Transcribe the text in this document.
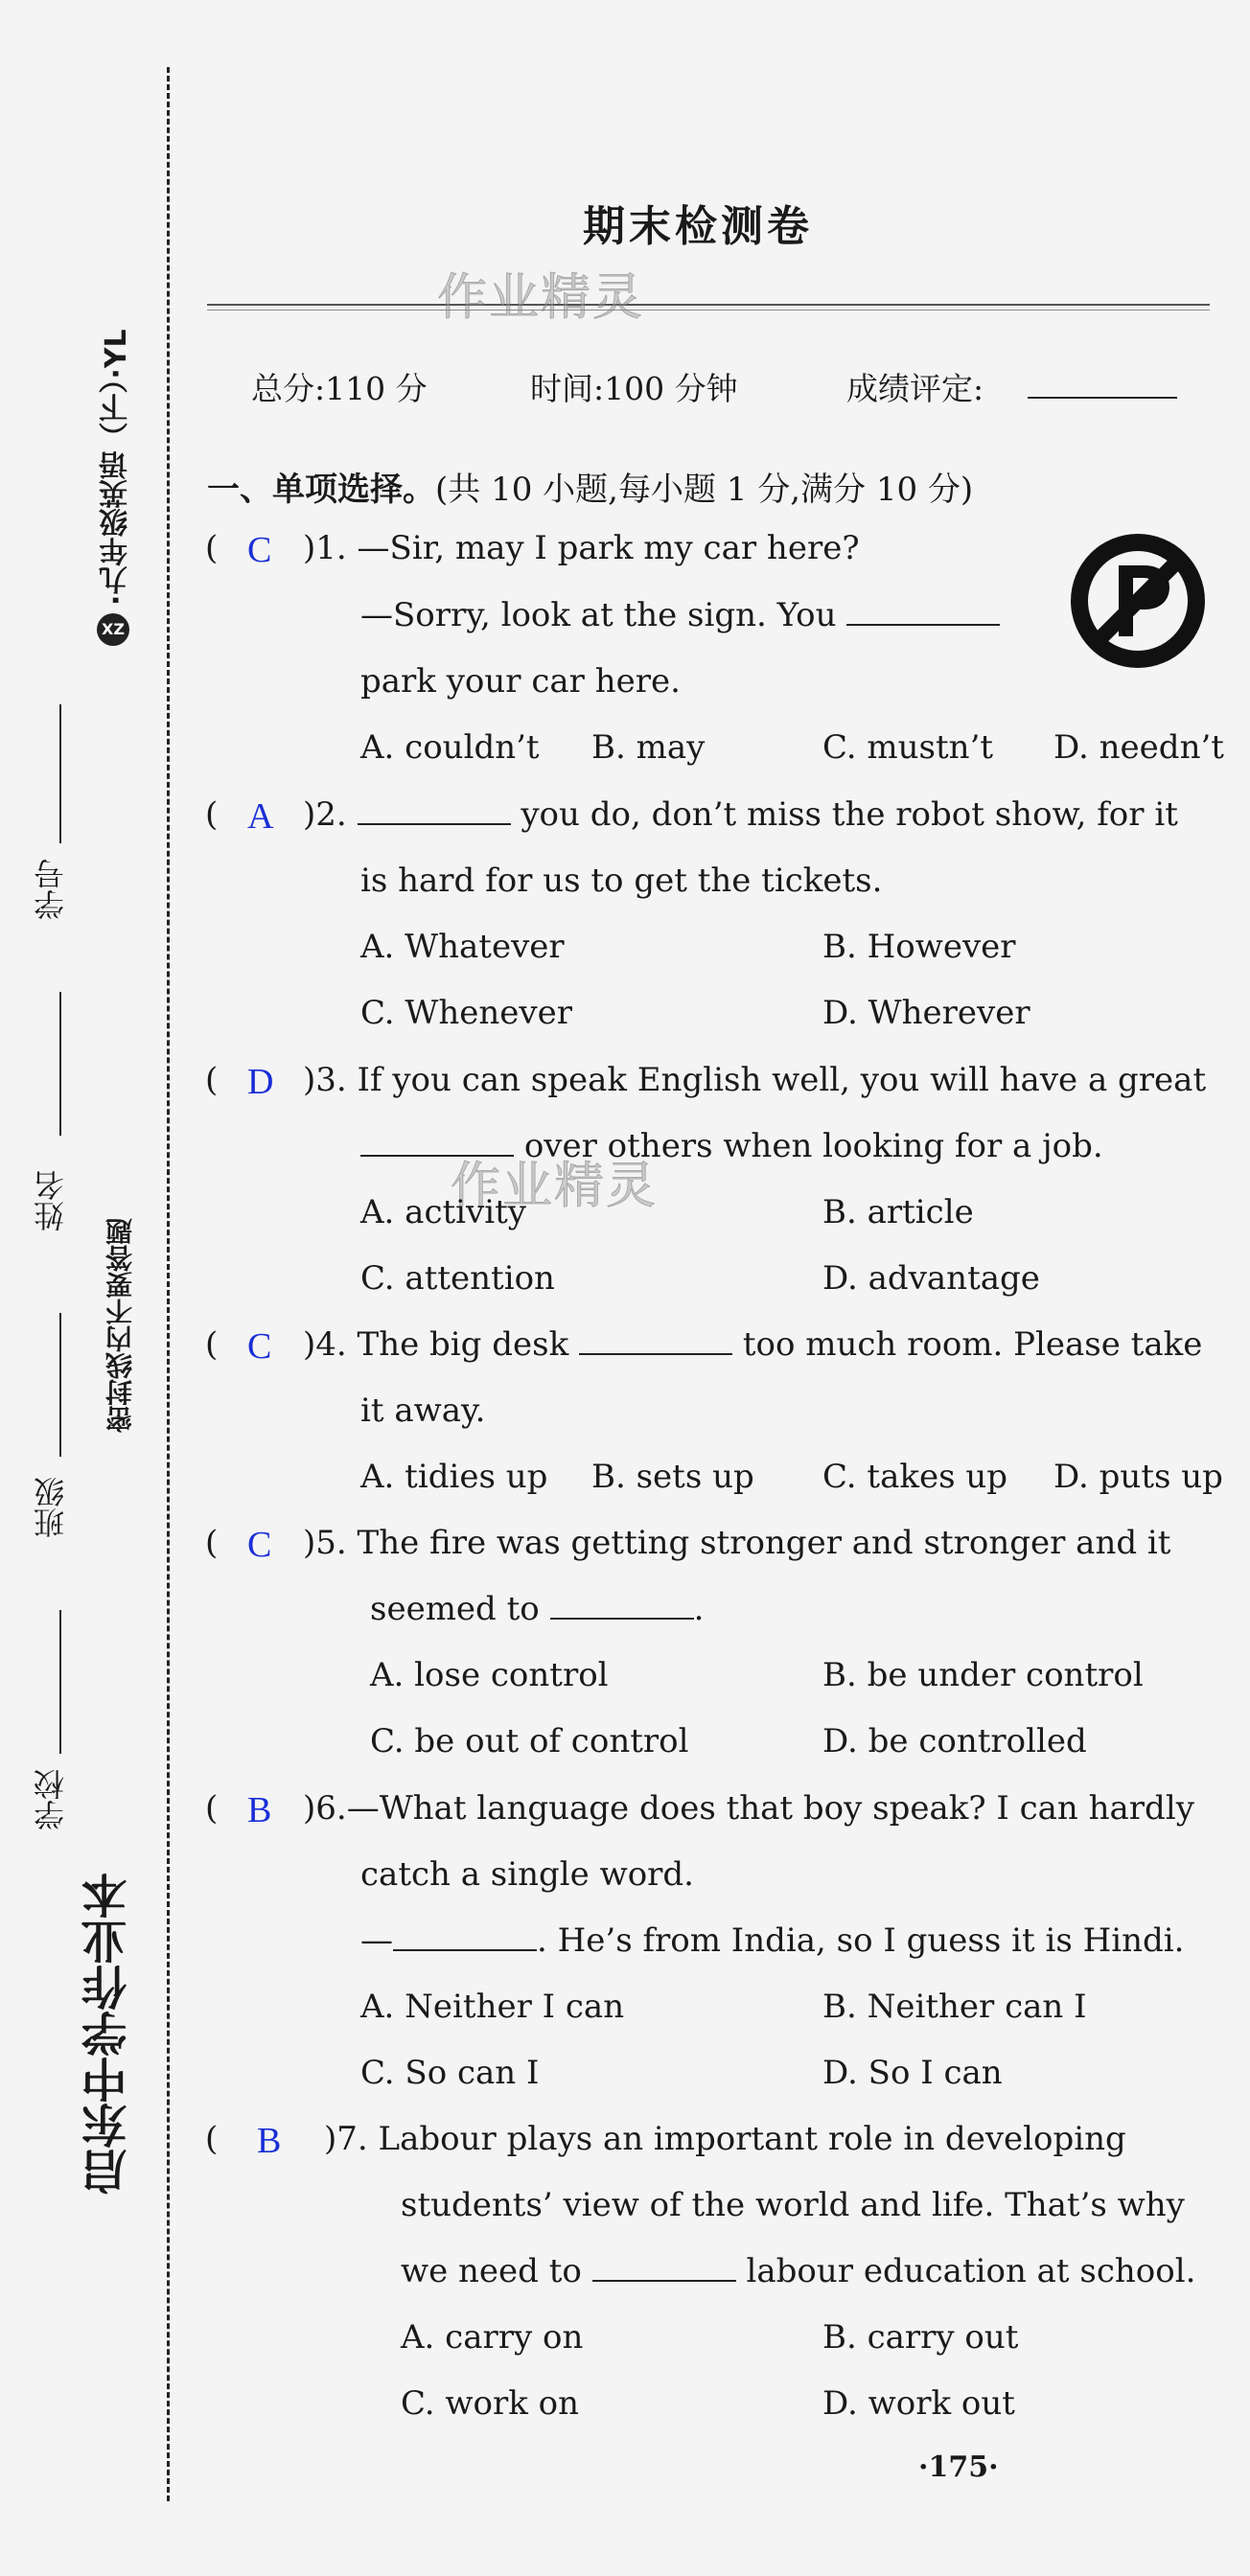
·九年级英语（下）·YL
XZ
密封线内不要答题
启东中学作业本
学号
姓名
班级
学校
期末检测卷
作业精灵
作业精灵
总分:110 分	时间:100 分钟	成绩评定:
一、单项选择。(共 10 小题,每小题 1 分,满分 10 分)
( C )1. —Sir, may I park my car here?
—Sorry, look at the sign. You
park your car here.
A. couldn’t B. may	C. mustn’t D. needn’t
( A )2.	you do, don’t miss the robot show, for it
is hard for us to get the tickets.
A. Whatever	B. However
C. Whenever	D. Wherever
( D )3. If you can speak English well, you will have a great
over others when looking for a job.
A. activity	B. article
C. attention	D. advantage
( C )4. The big desk	too much room. Please take
it away.
A. tidies up B. sets up C. takes up D. puts up
( C )5. The fire was getting stronger and stronger and it
seemed to	.
A. lose control	B. be under control
C. be out of control	D. be controlled
( B )6.—What language does that boy speak? I can hardly
catch a single word.
—	. He’s from India, so I guess it is Hindi.
A. Neither I can	B. Neither can I
C. So can I	D. So I can
( B )7. Labour plays an important role in developing
students’ view of the world and life. That’s why
we need to	labour education at school.
A. carry on	B. carry out
C. work on	D. work out
·175·
